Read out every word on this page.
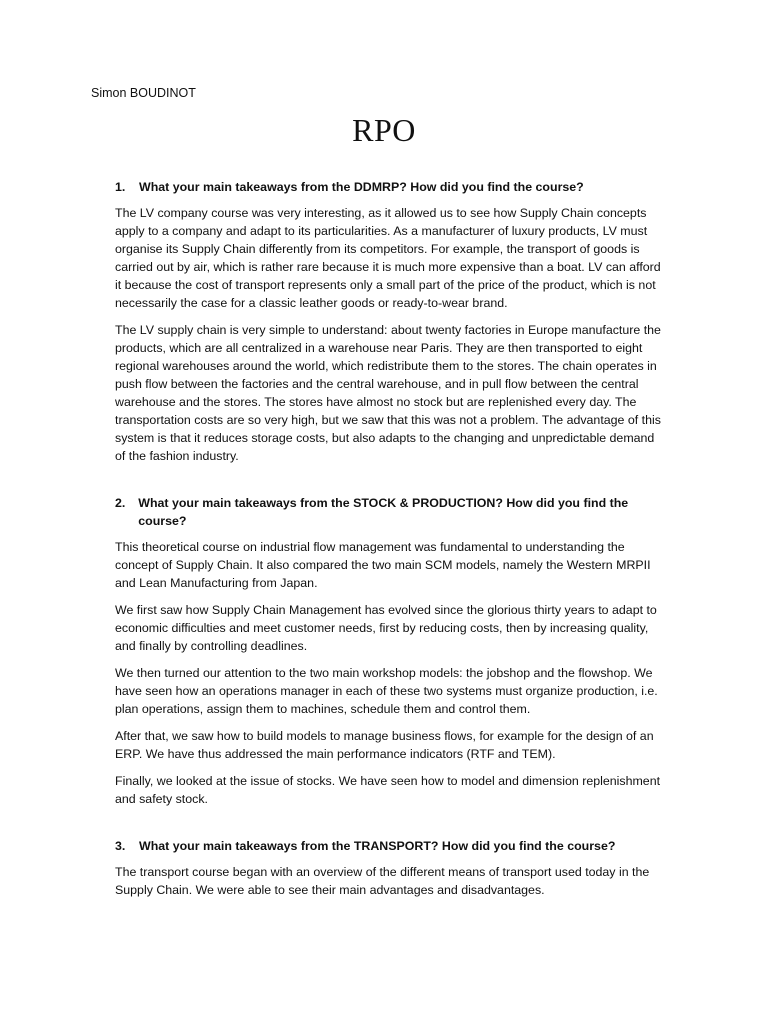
Simon BOUDINOT
RPO
1.	What your main takeaways from the DDMRP? How did you find the course?

The LV company course was very interesting, as it allowed us to see how Supply Chain concepts apply to a company and adapt to its particularities. As a manufacturer of luxury products, LV must organise its Supply Chain differently from its competitors. For example, the transport of goods is carried out by air, which is rather rare because it is much more expensive than a boat. LV can afford it because the cost of transport represents only a small part of the price of the product, which is not necessarily the case for a classic leather goods or ready-to-wear brand.

The LV supply chain is very simple to understand: about twenty factories in Europe manufacture the products, which are all centralized in a warehouse near Paris. They are then transported to eight regional warehouses around the world, which redistribute them to the stores. The chain operates in push flow between the factories and the central warehouse, and in pull flow between the central warehouse and the stores. The stores have almost no stock but are replenished every day. The transportation costs are so very high, but we saw that this was not a problem. The advantage of this system is that it reduces storage costs, but also adapts to the changing and unpredictable demand of the fashion industry.

2.	What your main takeaways from the STOCK & PRODUCTION? How did you find the course?

This theoretical course on industrial flow management was fundamental to understanding the concept of Supply Chain. It also compared the two main SCM models, namely the Western MRPII and Lean Manufacturing from Japan.

We first saw how Supply Chain Management has evolved since the glorious thirty years to adapt to economic difficulties and meet customer needs, first by reducing costs, then by increasing quality, and finally by controlling deadlines.

We then turned our attention to the two main workshop models: the jobshop and the flowshop. We have seen how an operations manager in each of these two systems must organize production, i.e. plan operations, assign them to machines, schedule them and control them.

After that, we saw how to build models to manage business flows, for example for the design of an ERP. We have thus addressed the main performance indicators (RTF and TEM).

Finally, we looked at the issue of stocks. We have seen how to model and dimension replenishment and safety stock.

3.	What your main takeaways from the TRANSPORT? How did you find the course?

The transport course began with an overview of the different means of transport used today in the Supply Chain. We were able to see their main advantages and disadvantages.
